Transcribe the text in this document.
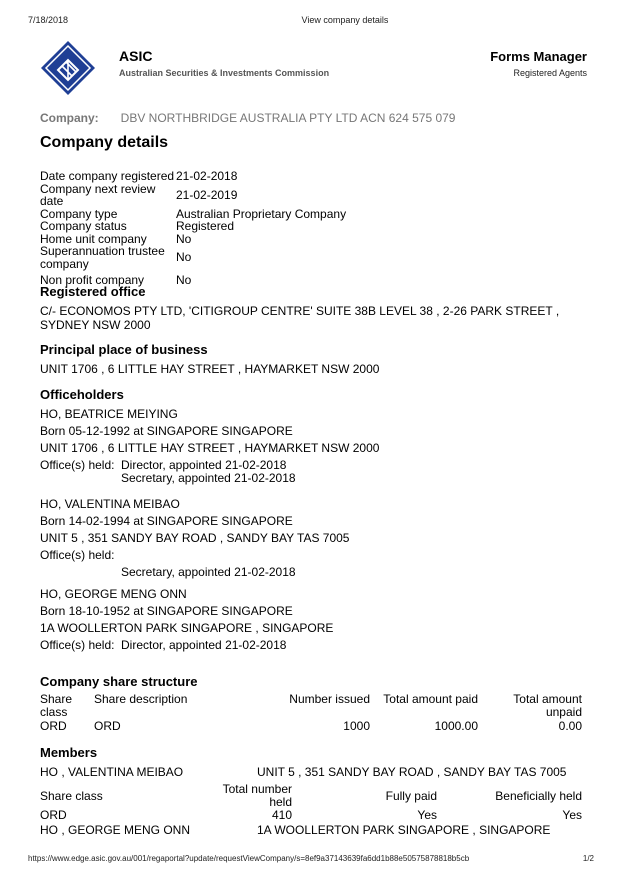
7/18/2018	View company details
ASIC
Australian Securities & Investments Commission
Forms Manager
Registered Agents
Company: DBV NORTHBRIDGE AUSTRALIA PTY LTD ACN 624 575 079
Company details
Date company registered	21-02-2018
Company next review date	21-02-2019
Company type	Australian Proprietary Company
Company status	Registered
Home unit company	No
Superannuation trustee company	No
Non profit company	No
Registered office
C/- ECONOMOS PTY LTD, 'CITIGROUP CENTRE' SUITE 38B LEVEL 38 , 2-26 PARK STREET , SYDNEY NSW 2000
Principal place of business
UNIT 1706 , 6 LITTLE HAY STREET , HAYMARKET NSW 2000
Officeholders
HO, BEATRICE MEIYING
Born 05-12-1992 at SINGAPORE SINGAPORE
UNIT 1706 , 6 LITTLE HAY STREET , HAYMARKET NSW 2000
Office(s) held: Director, appointed 21-02-2018
Secretary, appointed 21-02-2018
HO, VALENTINA MEIBAO
Born 14-02-1994 at SINGAPORE SINGAPORE
UNIT 5 , 351 SANDY BAY ROAD , SANDY BAY TAS 7005
Office(s) held:
Secretary, appointed 21-02-2018
HO, GEORGE MENG ONN
Born 18-10-1952 at SINGAPORE SINGAPORE
1A WOOLLERTON PARK SINGAPORE , SINGAPORE
Office(s) held: Director, appointed 21-02-2018
Company share structure
Share class	Share description	Number issued	Total amount paid	Total amount unpaid
ORD	ORD	1000	1000.00	0.00
Members
HO , VALENTINA MEIBAO	UNIT 5 , 351 SANDY BAY ROAD , SANDY BAY TAS 7005
Share class	Total number held	Fully paid	Beneficially held
ORD	410	Yes	Yes
HO , GEORGE MENG ONN	1A WOOLLERTON PARK SINGAPORE , SINGAPORE
https://www.edge.asic.gov.au/001/regaportal?update/requestViewCompany/s=8ef9a37143639fa6dd1b88e50575878818b5cb	1/2
